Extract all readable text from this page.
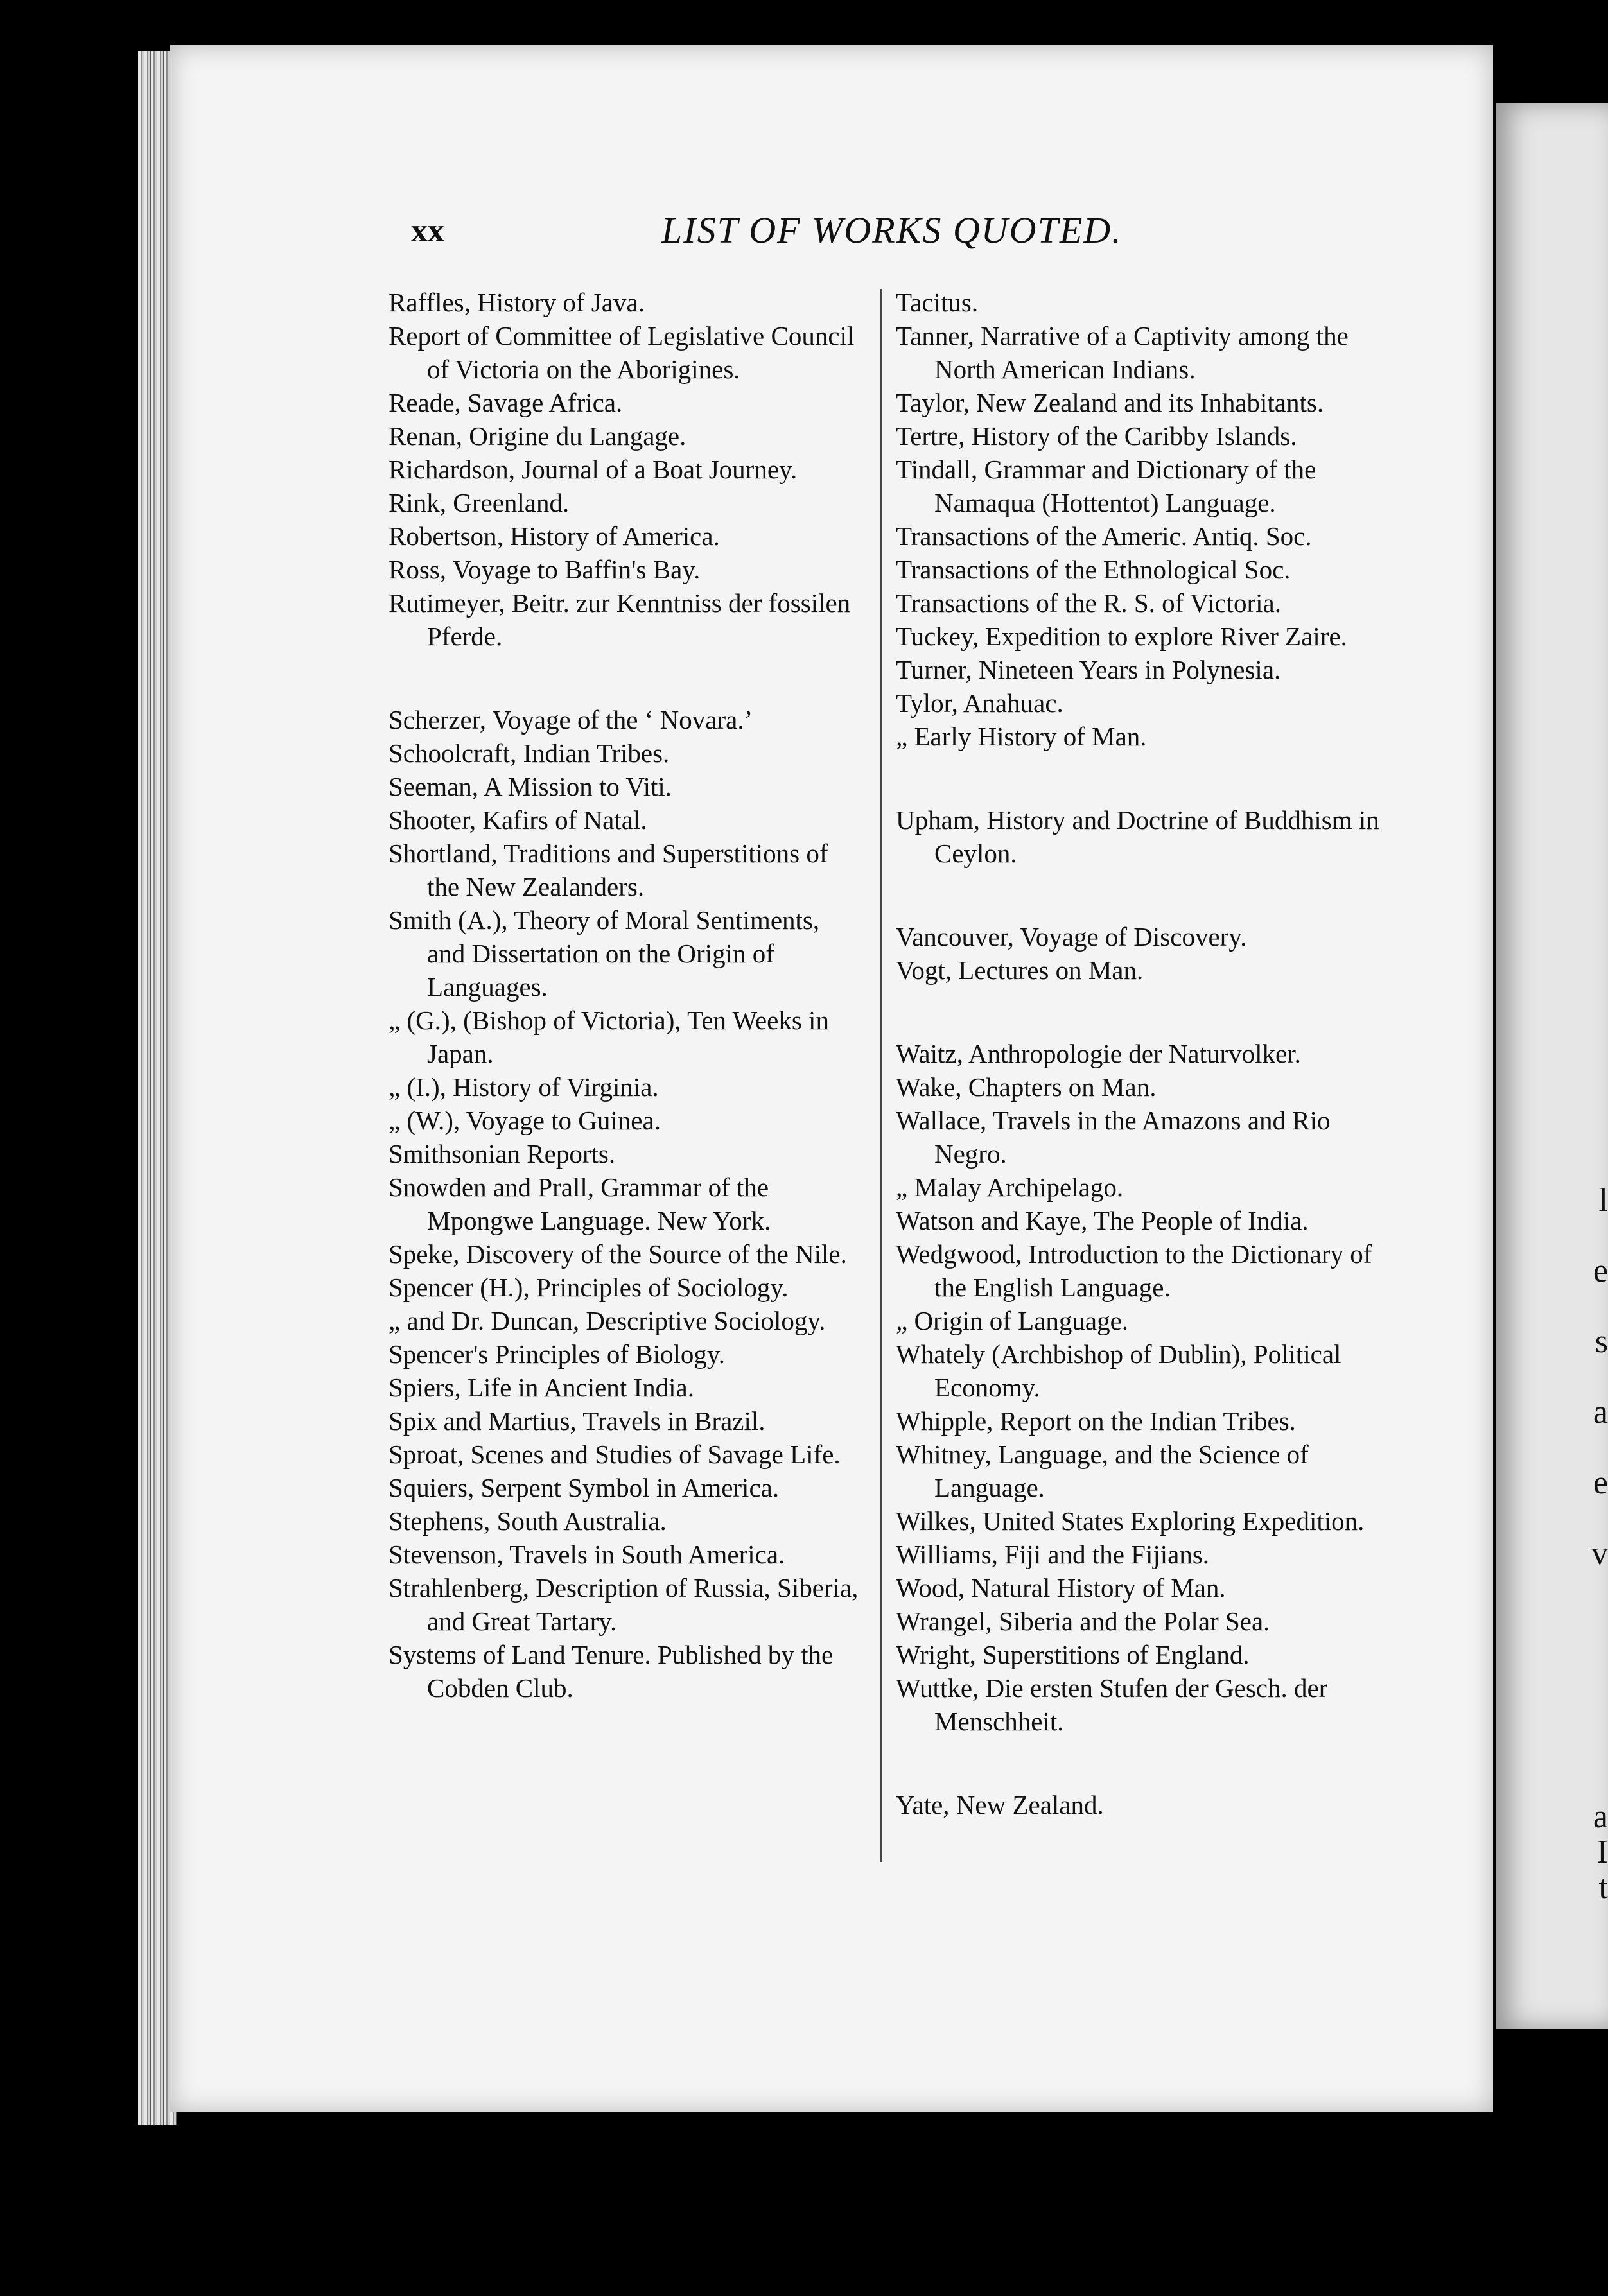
l
e
s
a
e
v
a
I
t
xx	LIST OF WORKS QUOTED.

Raffles, History of Java.

Report of Committee of Legislative Council of Victoria on the Aborigines.

Reade, Savage Africa.

Renan, Origine du Langage.

Richardson, Journal of a Boat Journey.

Rink, Greenland.

Robertson, History of America.

Ross, Voyage to Baffin's Bay.

Rutimeyer, Beitr. zur Kenntniss der fossilen Pferde.

Scherzer, Voyage of the ‘ Novara.’

Schoolcraft, Indian Tribes.

Seeman, A Mission to Viti.

Shooter, Kafirs of Natal.

Shortland, Traditions and Superstitions of the New Zealanders.

Smith (A.), Theory of Moral Sentiments, and Dissertation on the Origin of Languages.

„ (G.), (Bishop of Victoria), Ten Weeks in Japan.

„ (I.), History of Virginia.

„ (W.), Voyage to Guinea.

Smithsonian Reports.

Snowden and Prall, Grammar of the Mpongwe Language. New York.

Speke, Discovery of the Source of the Nile.

Spencer (H.), Principles of Sociology.

„ and Dr. Duncan, Descriptive Sociology.

Spencer's Principles of Biology.

Spiers, Life in Ancient India.

Spix and Martius, Travels in Brazil.

Sproat, Scenes and Studies of Savage Life.

Squiers, Serpent Symbol in America.

Stephens, South Australia.

Stevenson, Travels in South America.

Strahlenberg, Description of Russia, Siberia, and Great Tartary.

Systems of Land Tenure. Published by the Cobden Club.

Tacitus.

Tanner, Narrative of a Captivity among the North American Indians.

Taylor, New Zealand and its Inhabitants.

Tertre, History of the Caribby Islands.

Tindall, Grammar and Dictionary of the Namaqua (Hottentot) Language.

Transactions of the Americ. Antiq. Soc.

Transactions of the Ethnological Soc.

Transactions of the R. S. of Victoria.

Tuckey, Expedition to explore River Zaire.

Turner, Nineteen Years in Polynesia.

Tylor, Anahuac.

„ Early History of Man.

Upham, History and Doctrine of Buddhism in Ceylon.

Vancouver, Voyage of Discovery.

Vogt, Lectures on Man.

Waitz, Anthropologie der Naturvolker.

Wake, Chapters on Man.

Wallace, Travels in the Amazons and Rio Negro.

„ Malay Archipelago.

Watson and Kaye, The People of India.

Wedgwood, Introduction to the Dictionary of the English Language.

„ Origin of Language.

Whately (Archbishop of Dublin), Political Economy.

Whipple, Report on the Indian Tribes.

Whitney, Language, and the Science of Language.

Wilkes, United States Exploring Expedition.

Williams, Fiji and the Fijians.

Wood, Natural History of Man.

Wrangel, Siberia and the Polar Sea.

Wright, Superstitions of England.

Wuttke, Die ersten Stufen der Gesch. der Menschheit.

Yate, New Zealand.
